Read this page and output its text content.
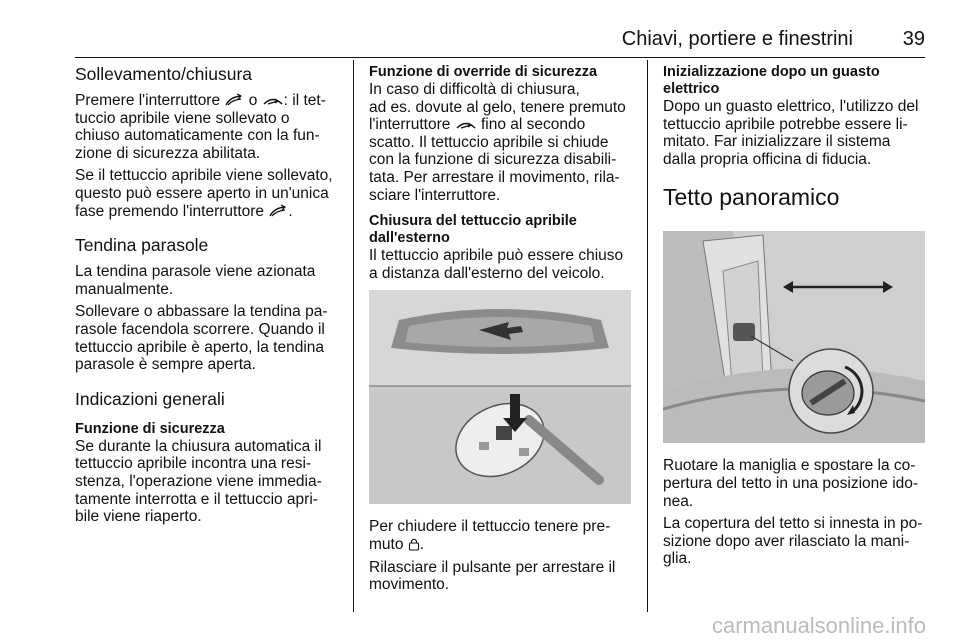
Chiavi, portiere e finestrini 39
Sollevamento/chiusura

Premere l'interruttore o : il tet-
tuccio apribile viene sollevato o
chiuso automaticamente con la fun-
zione di sicurezza abilitata.

Se il tettuccio apribile viene sollevato,
questo può essere aperto in un'unica
fase premendo l'interruttore .

Tendina parasole

La tendina parasole viene azionata
manualmente.

Sollevare o abbassare la tendina pa-
rasole facendola scorrere. Quando il
tettuccio apribile è aperto, la tendina
parasole è sempre aperta.

Indicazioni generali
Funzione di sicurezza

Se durante la chiusura automatica il
tettuccio apribile incontra una resi-
stenza, l'operazione viene immedia-
tamente interrotta e il tettuccio apri-
bile viene riaperto.

Funzione di override di sicurezza

In caso di difficoltà di chiusura,
ad es. dovute al gelo, tenere premuto
l'interruttore fino al secondo
scatto. Il tettuccio apribile si chiude
con la funzione di sicurezza disabili-
tata. Per arrestare il movimento, rila-
sciare l'interruttore.

Chiusura del tettuccio apribile
dall'esterno

Il tettuccio apribile può essere chiuso
a distanza dall'esterno del veicolo.

Per chiudere il tettuccio tenere pre-
muto .

Rilasciare il pulsante per arrestare il
movimento.

Inizializzazione dopo un guasto
elettrico

Dopo un guasto elettrico, l'utilizzo del
tettuccio apribile potrebbe essere li-
mitato. Far inizializzare il sistema
dalla propria officina di fiducia.

Tetto panoramico

Ruotare la maniglia e spostare la co-
pertura del tetto in una posizione ido-
nea.

La copertura del tetto si innesta in po-
sizione dopo aver rilasciato la mani-
glia.

carmanualsonline.info
